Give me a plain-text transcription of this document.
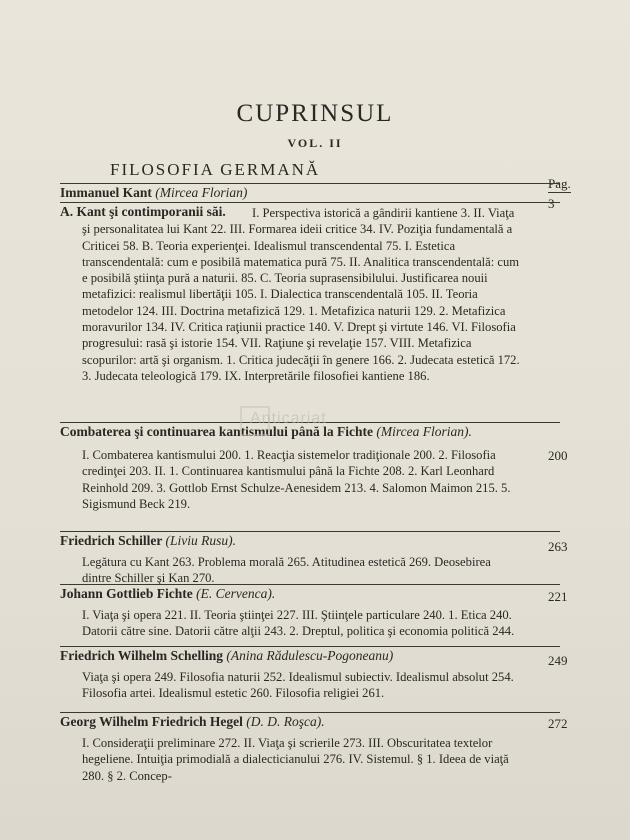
CUPRINSUL
VOL. II
FILOSOFIA GERMANĂ
Pag.
Immanuel Kant (Mircea Florian)
3
A. Kant şi contimporanii săi.	I. Perspectiva istorică a gândirii kantiene 3. II. Viaţa şi personalitatea lui Kant 22. III. Formarea ideii critice 34. IV. Poziţia fundamentală a Criticei 58. B. Teoria experienţei. Idealismul transcendental 75. I. Estetica transcendentală: cum e posibilă matematica pură 75. II. Analitica transcendentală: cum e posibilă ştiinţa pură a naturii. 85. C. Teoria suprasensibilului. Justificarea nouii metafizici: realismul libertăţii 105. I. Dialectica transcendentală 105. II. Teoria metodelor 124. III. Doctrina metafizică 129. 1. Metafizica naturii 129. 2. Metafizica moravurilor 134. IV. Critica raţiunii practice 140. V. Drept şi virtute 146. VI. Filosofia progresului: rasă şi istorie 154. VII. Raţiune şi revelaţie 157. VIII. Metafizica scopurilor: artă şi organism. 1. Critica judecăţii în genere 166. 2. Judecata estetică 172. 3. Judecata teleologică 179. IX. Interpretările filosofiei kantiene 186.
Combaterea şi continuarea kantismului până la Fichte (Mircea Florian).
I. Combaterea kantismului 200. 1. Reacţia sistemelor tradiţionale 200. 2. Filosofia credinţei 203. II. 1. Continuarea kantismului până la Fichte 208. 2. Karl Leonhard Reinhold 209. 3. Gottlob Ernst Schulze-Aenesidem 213. 4. Salomon Maimon 215. 5. Sigismund Beck 219.
200
Friedrich Schiller (Liviu Rusu).
Legătura cu Kant 263. Problema morală 265. Atitudinea estetică 269. Deosebirea dintre Schiller şi Kan 270.
263
Johann Gottlieb Fichte (E. Cervenca).
I. Viaţa şi opera 221. II. Teoria ştiinţei 227. III. Ştiinţele particulare 240. 1. Etica 240. Datorii către sine. Datorii către alţii 243. 2. Dreptul, politica şi economia politică 244.
221
Friedrich Wilhelm Schelling (Anina Rădulescu-Pogoneanu)
Viaţa şi opera 249. Filosofia naturii 252. Idealismul subiectiv. Idealismul absolut 254. Filosofia artei. Idealismul estetic 260. Filosofia religiei 261.
249
Georg Wilhelm Friedrich Hegel (D. D. Roşca).
I. Consideraţii preliminare 272. II. Viaţa şi scrierile 273. III. Obscuritatea textelor hegeliene. Intuiţia primodială a dialecticianului 276. IV. Sistemul. § 1. Ideea de viaţă 280. § 2. Concep-
272
Anticariat
